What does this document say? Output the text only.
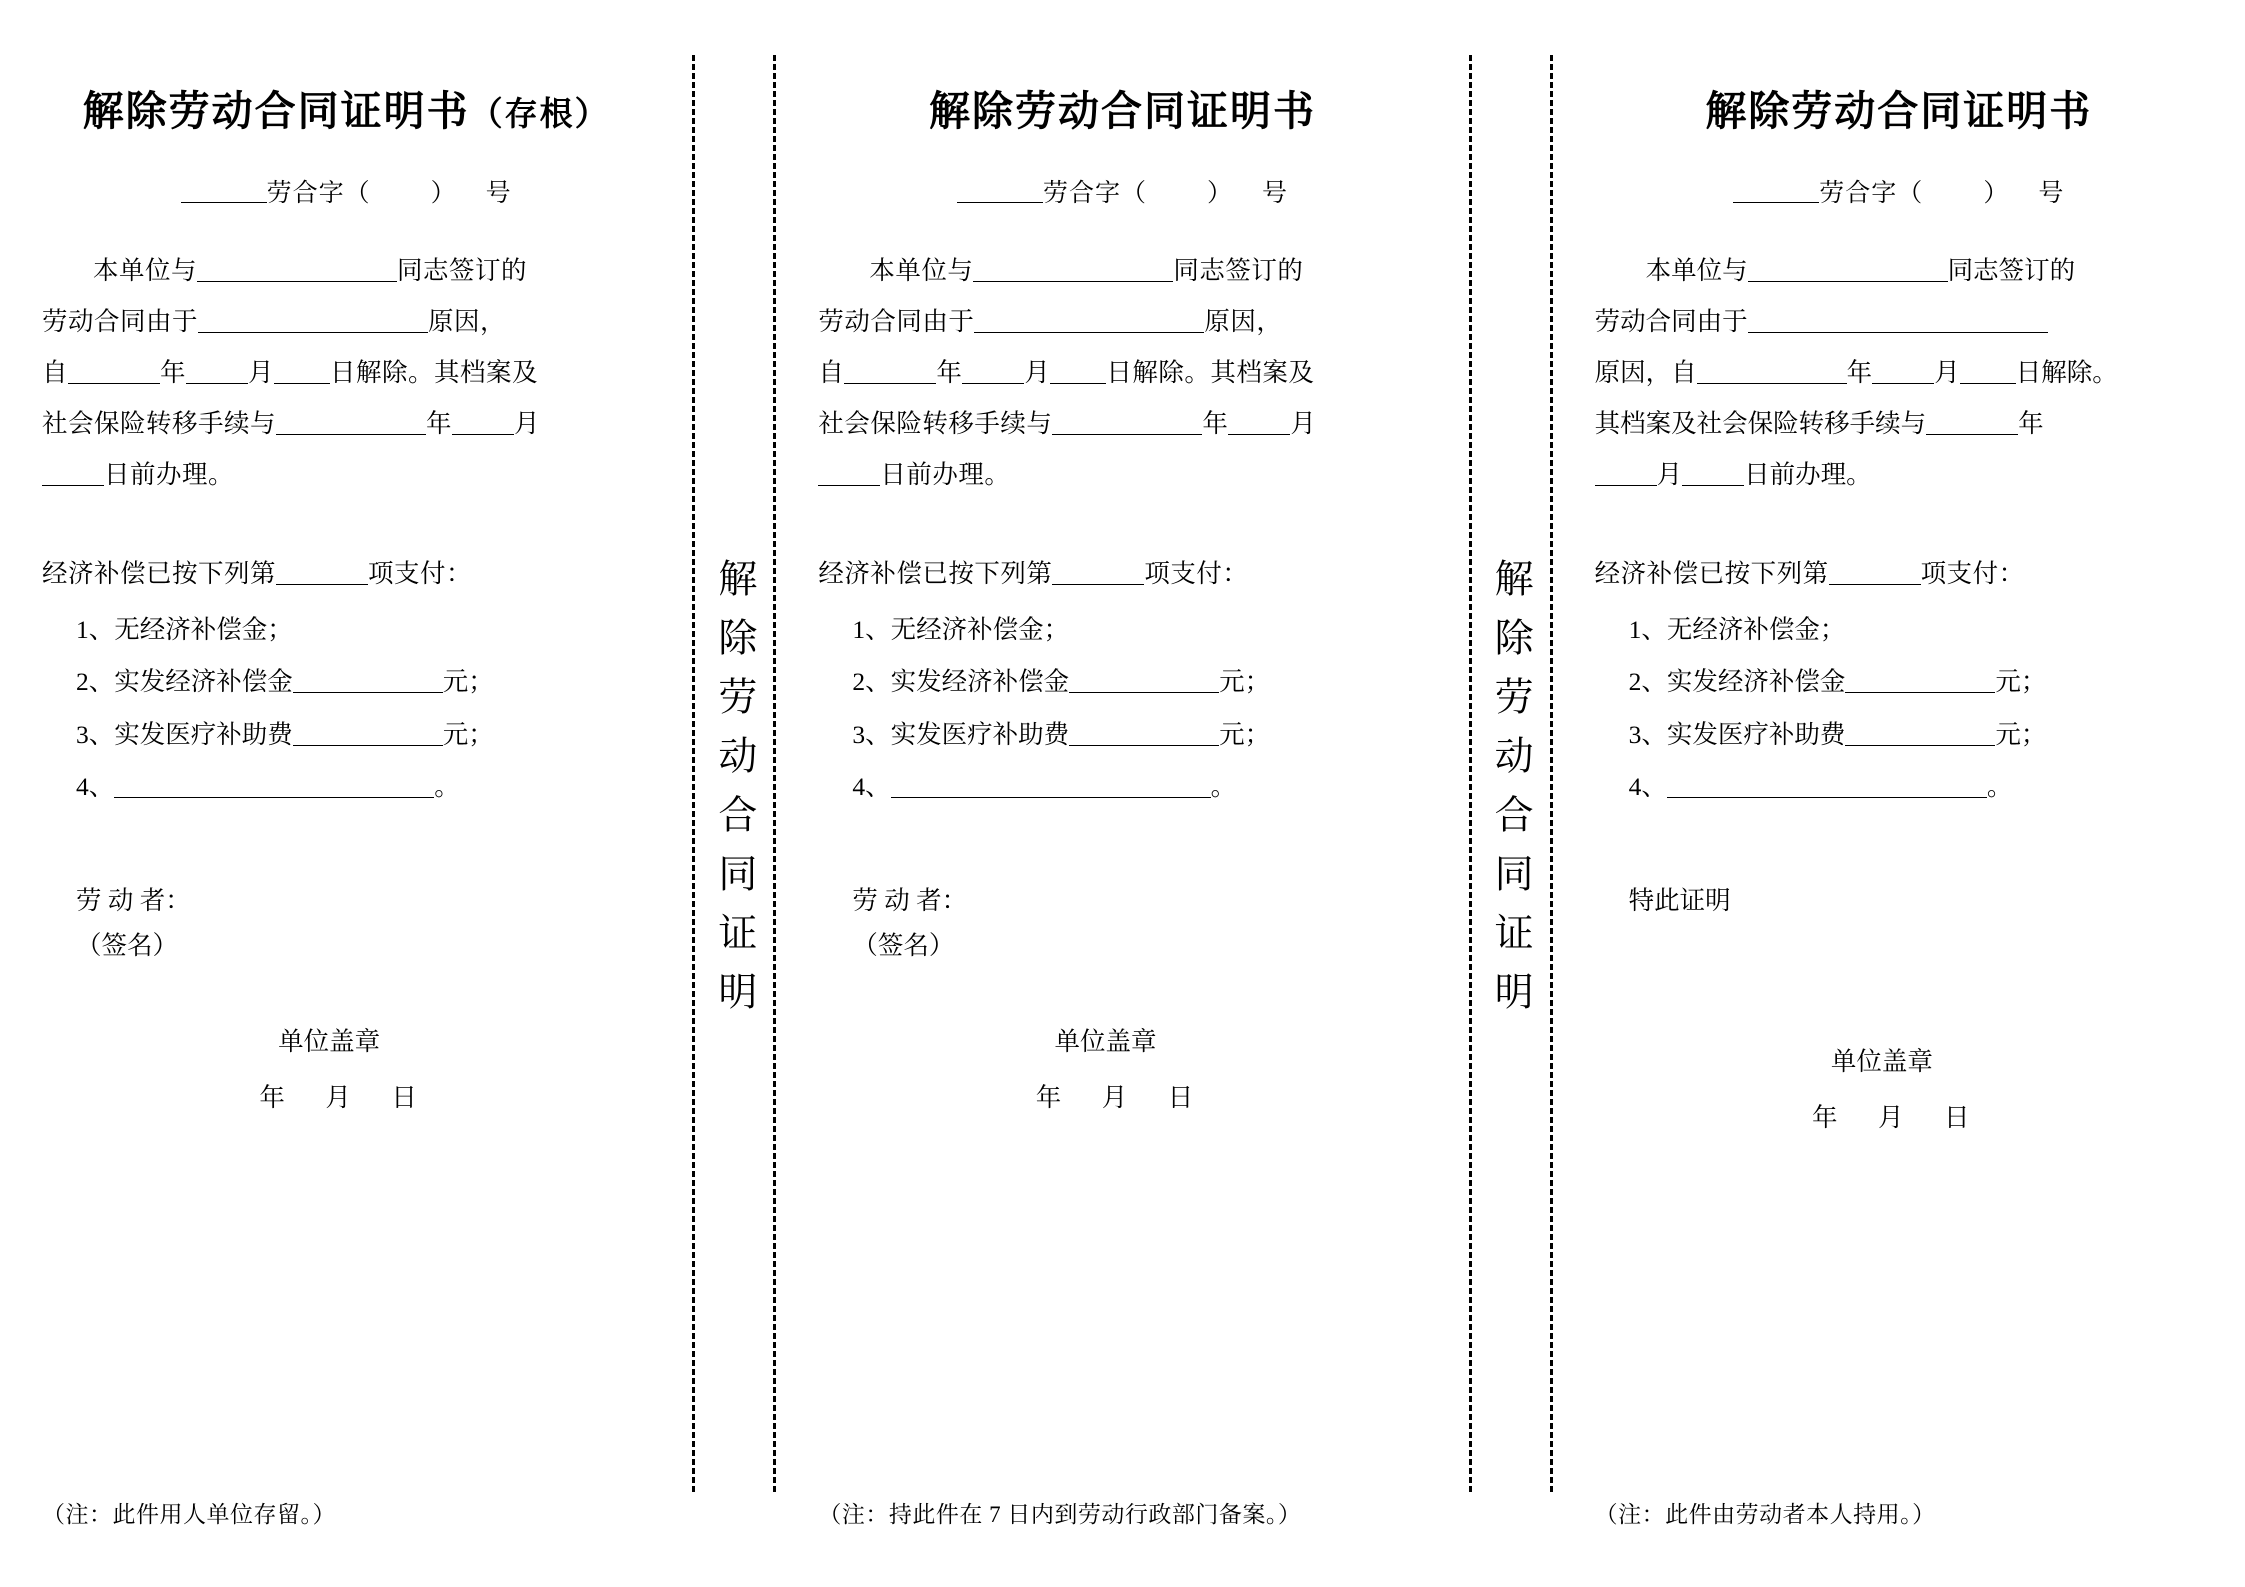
解除劳动合同证明书（存根）
劳合字（ ） 号

本单位与	同志签订的

劳动合同由于	原因，

自	年 月 日解除。其档案及

社会保险转移手续与	年 月

日前办理。

经济补偿已按下列第	项支付：
1、无经济补偿金；
2、实发经济补偿金	元；
3、实发医疗补助费	元；
4、	。
劳 动 者：
（签名）
单位盖章
年 月 日
（注：此件用人单位存留。）
解除劳动合同证明
解除劳动合同证明书
劳合字（ ） 号

本单位与	同志签订的

劳动合同由于	原因，

自	年 月 日解除。其档案及

社会保险转移手续与	年 月

日前办理。

经济补偿已按下列第	项支付：
1、无经济补偿金；
2、实发经济补偿金	元；
3、实发医疗补助费	元；
4、	。
劳 动 者：
（签名）
单位盖章
年 月 日
（注：持此件在 7 日内到劳动行政部门备案。）
解除劳动合同证明
解除劳动合同证明书
劳合字（ ） 号

本单位与	同志签订的

劳动合同由于

原因，自	年 月 日解除。

其档案及社会保险转移手续与	年

月 日前办理。

经济补偿已按下列第	项支付：
1、无经济补偿金；
2、实发经济补偿金	元；
3、实发医疗补助费	元；
4、	。
特此证明
单位盖章
年 月 日
（注：此件由劳动者本人持用。）
